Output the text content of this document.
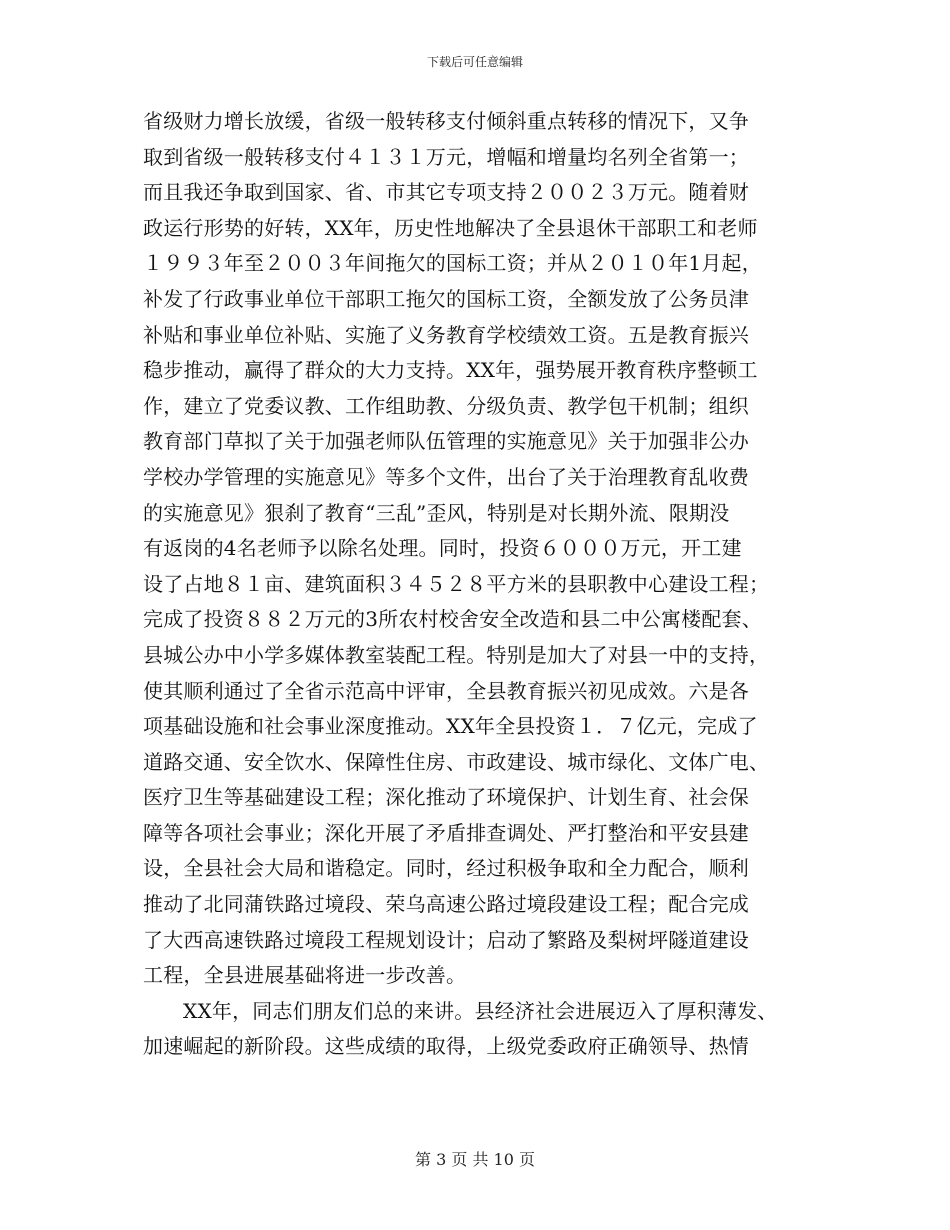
下载后可任意编辑
省级财力增长放缓，省级一般转移支付倾斜重点转移的情况下，又争
取到省级一般转移支付４１３１万元，增幅和增量均名列全省第一；
而且我还争取到国家、省、市其它专项支持２００２３万元。随着财
政运行形势的好转，XX年，历史性地解决了全县退休干部职工和老师
１９９３年至２００３年间拖欠的国标工资；并从２０１０年1月起，
补发了行政事业单位干部职工拖欠的国标工资，全额发放了公务员津
补贴和事业单位补贴、实施了义务教育学校绩效工资。五是教育振兴
稳步推动，赢得了群众的大力支持。XX年，强势展开教育秩序整顿工
作，建立了党委议教、工作组助教、分级负责、教学包干机制；组织
教育部门草拟了关于加强老师队伍管理的实施意见》关于加强非公办
学校办学管理的实施意见》等多个文件，出台了关于治理教育乱收费
的实施意见》狠刹了教育“三乱”歪风，特别是对长期外流、限期没
有返岗的4名老师予以除名处理。同时，投资６０００万元，开工建
设了占地８１亩、建筑面积３４５２８平方米的县职教中心建设工程；
完成了投资８８２万元的3所农村校舍安全改造和县二中公寓楼配套、
县城公办中小学多媒体教室装配工程。特别是加大了对县一中的支持，
使其顺利通过了全省示范高中评审，全县教育振兴初见成效。六是各
项基础设施和社会事业深度推动。XX年全县投资１．７亿元，完成了
道路交通、安全饮水、保障性住房、市政建设、城市绿化、文体广电、
医疗卫生等基础建设工程；深化推动了环境保护、计划生育、社会保
障等各项社会事业；深化开展了矛盾排查调处、严打整治和平安县建
设，全县社会大局和谐稳定。同时，经过积极争取和全力配合，顺利
推动了北同蒲铁路过境段、荣乌高速公路过境段建设工程；配合完成
了大西高速铁路过境段工程规划设计；启动了繁路及梨树坪隧道建设
工程，全县进展基础将进一步改善。
XX年，同志们朋友们总的来讲。县经济社会进展迈入了厚积薄发、
加速崛起的新阶段。这些成绩的取得，上级党委政府正确领导、热情
第 3 页 共 10 页
